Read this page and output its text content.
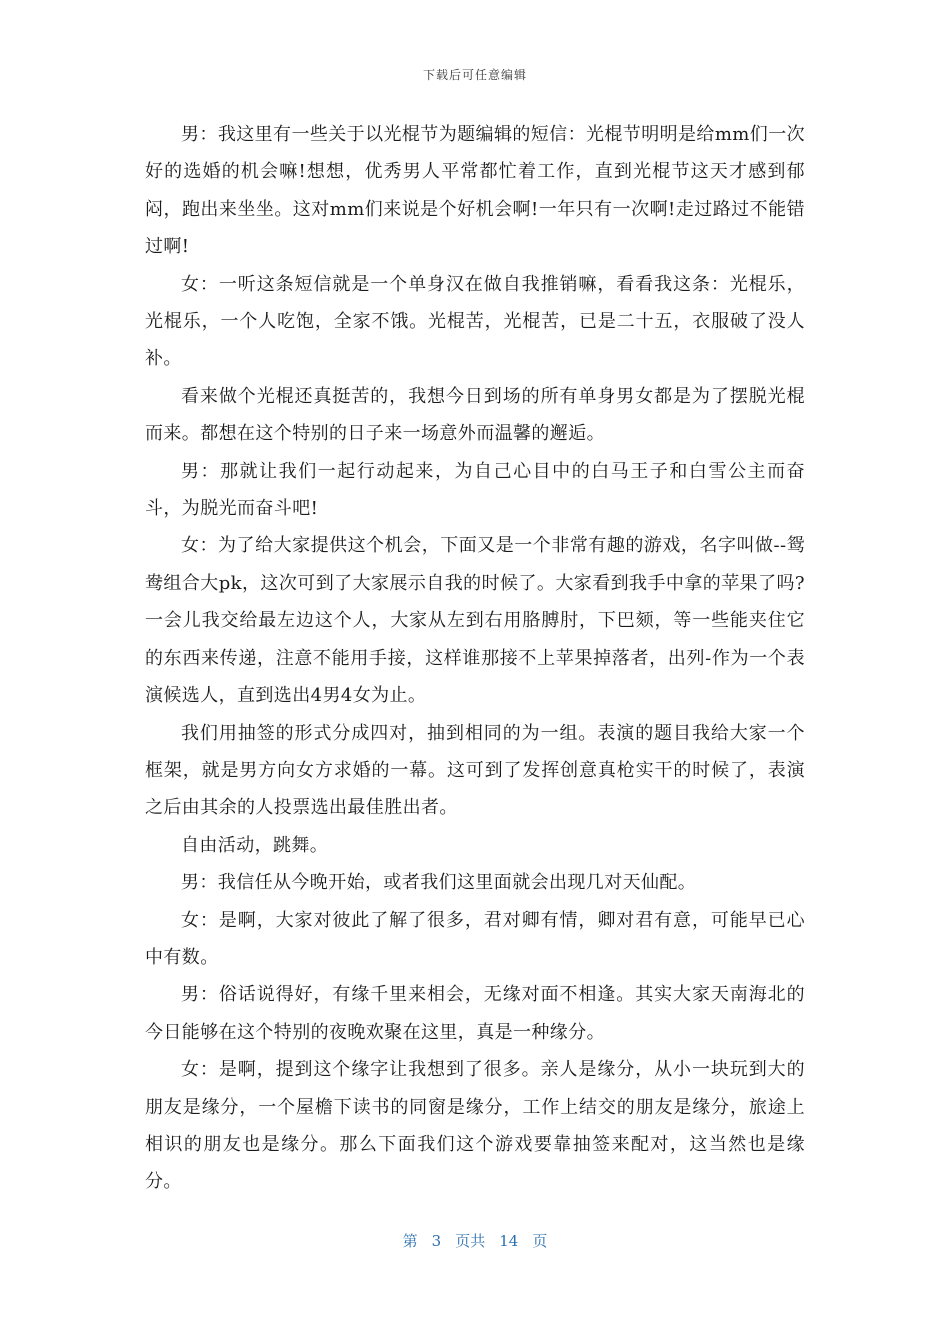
下载后可任意编辑

男：我这里有一些关于以光棍节为题编辑的短信：光棍节明明是给mm们一次好的选婚的机会嘛!想想，优秀男人平常都忙着工作，直到光棍节这天才感到郁闷，跑出来坐坐。这对mm们来说是个好机会啊!一年只有一次啊!走过路过不能错过啊!

女：一听这条短信就是一个单身汉在做自我推销嘛，看看我这条：光棍乐，光棍乐，一个人吃饱，全家不饿。光棍苦，光棍苦，已是二十五，衣服破了没人补。

看来做个光棍还真挺苦的，我想今日到场的所有单身男女都是为了摆脱光棍而来。都想在这个特别的日子来一场意外而温馨的邂逅。

男：那就让我们一起行动起来，为自己心目中的白马王子和白雪公主而奋斗，为脱光而奋斗吧!

女：为了给大家提供这个机会，下面又是一个非常有趣的游戏，名字叫做--鸳鸯组合大pk，这次可到了大家展示自我的时候了。大家看到我手中拿的苹果了吗?一会儿我交给最左边这个人，大家从左到右用胳膊肘，下巴颏，等一些能夹住它的东西来传递，注意不能用手接，这样谁那接不上苹果掉落者，出列-作为一个表演候选人，直到选出4男4女为止。

我们用抽签的形式分成四对，抽到相同的为一组。表演的题目我给大家一个框架，就是男方向女方求婚的一幕。这可到了发挥创意真枪实干的时候了，表演之后由其余的人投票选出最佳胜出者。

自由活动，跳舞。

男：我信任从今晚开始，或者我们这里面就会出现几对天仙配。

女：是啊，大家对彼此了解了很多，君对卿有情，卿对君有意，可能早已心中有数。

男：俗话说得好，有缘千里来相会，无缘对面不相逢。其实大家天南海北的今日能够在这个特别的夜晚欢聚在这里，真是一种缘分。

女：是啊，提到这个缘字让我想到了很多。亲人是缘分，从小一块玩到大的朋友是缘分，一个屋檐下读书的同窗是缘分，工作上结交的朋友是缘分，旅途上相识的朋友也是缘分。那么下面我们这个游戏要靠抽签来配对，这当然也是缘分。

第 3 页共 14 页
